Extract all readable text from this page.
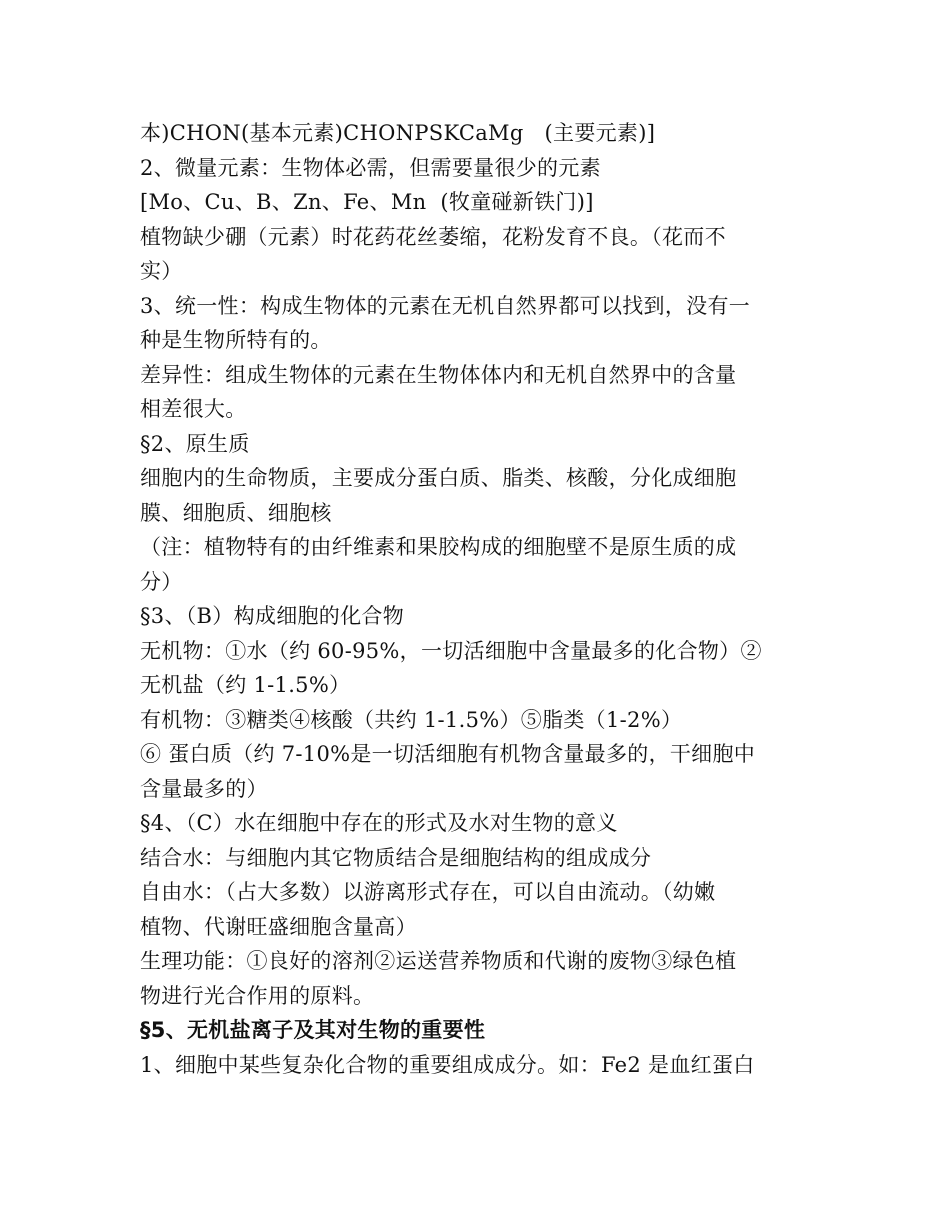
本)CHON(基本元素)CHONPSKCaMg   (主要元素)]
2、微量元素：生物体必需，但需要量很少的元素
[Mo、Cu、B、Zn、Fe、Mn  (牧童碰新铁门)]
植物缺少硼（元素）时花药花丝萎缩，花粉发育不良。（花而不
实）
3、统一性：构成生物体的元素在无机自然界都可以找到，没有一
种是生物所特有的。
差异性：组成生物体的元素在生物体体内和无机自然界中的含量
相差很大。
§2、原生质
细胞内的生命物质，主要成分蛋白质、脂类、核酸，分化成细胞
膜、细胞质、细胞核
（注：植物特有的由纤维素和果胶构成的细胞壁不是原生质的成
分）
§3、（B）构成细胞的化合物
无机物：①水（约 60-95%，一切活细胞中含量最多的化合物）②
无机盐（约 1-1.5%）
有机物：③糖类④核酸（共约 1-1.5%）⑤脂类（1-2%）
⑥ 蛋白质（约 7-10%是一切活细胞有机物含量最多的，干细胞中
含量最多的）
§4、（C）水在细胞中存在的形式及水对生物的意义
结合水：与细胞内其它物质结合是细胞结构的组成成分
自由水：（占大多数）以游离形式存在，可以自由流动。（幼嫩
植物、代谢旺盛细胞含量高）
生理功能：①良好的溶剂②运送营养物质和代谢的废物③绿色植
物进行光合作用的原料。
§5、无机盐离子及其对生物的重要性
1、细胞中某些复杂化合物的重要组成成分。如：Fe2 是血红蛋白
